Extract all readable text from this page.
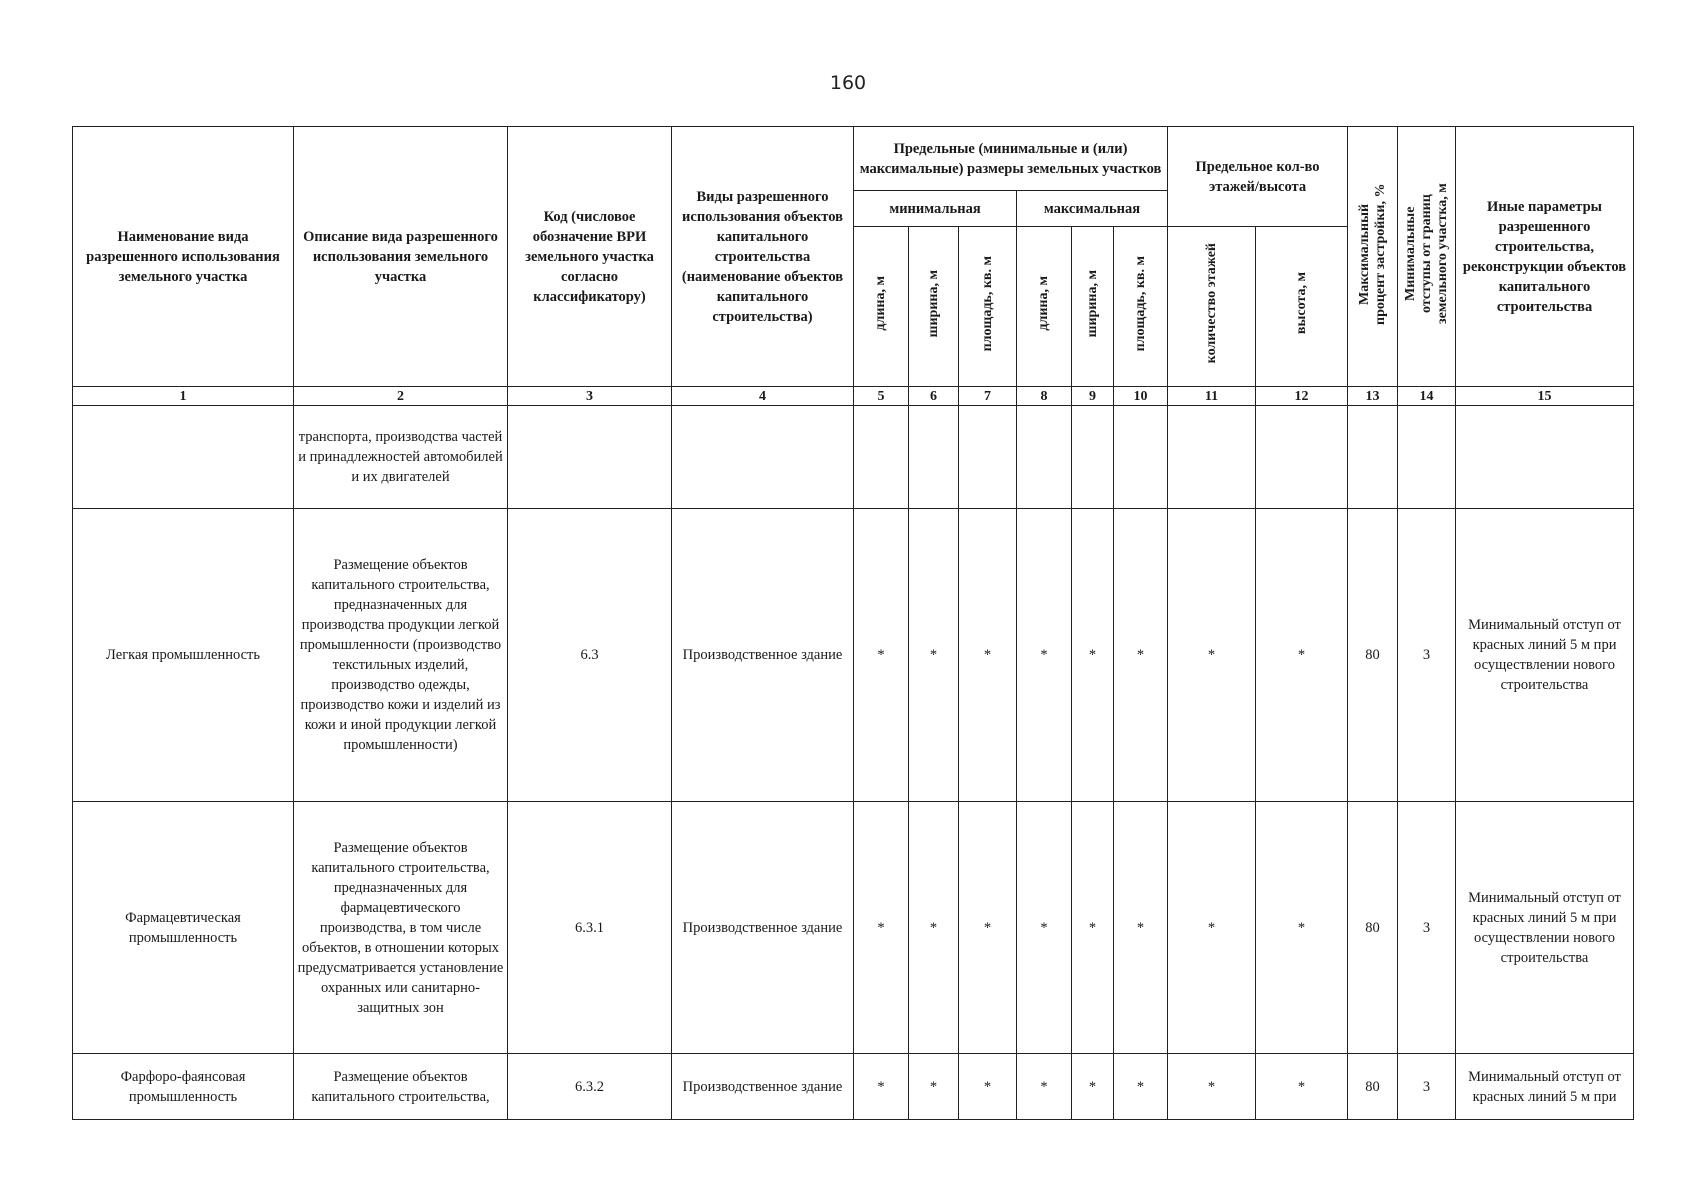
160
Наименование вида разрешенного использования земельного участка	Описание вида разрешенного использования земельного участка	Код (числовое обозначение ВРИ земельного участка согласно классификатору)	Виды разрешенного использования объектов капитального строительства (наименование объектов капитального строительства)	Предельные (минимальные и (или) максимальные) размеры земельных участков						Предельное кол-во этажей/высота		Максимальный процент застройки, %	Минимальные отступы от границ земельного участка, м	Иные параметры разрешенного строительства, реконструкции объектов капитального строительства
				минимальная			максимальная							
				длина, м	ширина, м	площадь, кв. м	длина, м	ширина, м	площадь, кв. м	количество этажей	высота, м			
1	2	3	4	5	6	7	8	9	10	11	12	13	14	15
	транспорта, производства частей и принадлежностей автомобилей и их двигателей													
Легкая промышленность	Размещение объектов капитального строительства, предназначенных для производства продукции легкой промышленности (производство текстильных изделий, производство одежды, производство кожи и изделий из кожи и иной продукции легкой промышленности)	6.3	Производственное здание	*	*	*	*	*	*	*	*	80	3	Минимальный отступ от красных линий 5 м при осуществлении нового строительства
Фармацевтическая промышленность	Размещение объектов капитального строительства, предназначенных для фармацевтического производства, в том числе объектов, в отношении которых предусматривается установление охранных или санитарно-защитных зон	6.3.1	Производственное здание	*	*	*	*	*	*	*	*	80	3	Минимальный отступ от красных линий 5 м при осуществлении нового строительства
Фарфоро-фаянсовая промышленность	Размещение объектов капитального строительства,	6.3.2	Производственное здание	*	*	*	*	*	*	*	*	80	3	Минимальный отступ от красных линий 5 м при
